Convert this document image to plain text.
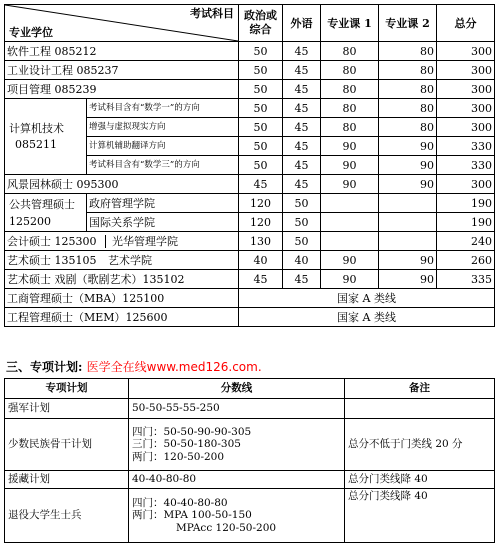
考试科目
专业学位		政治或综合	外语	专业课 1	专业课 2	总分
软件工程 085212		50	45	80	80	300
工业设计工程 085237		50	45	80	80	300
项目管理 085239		50	45	80	80	300

计算机技术
085211	考试科目含有“数学一”的方向	50	45	80	80	300
	增强与虚拟现实方向	50	45	80	80	300
	计算机辅助翻译方向	50	45	90	90	330
	考试科目含有“数学三”的方向	50	45	90	90	330
风景园林硕士 095300		45	45	90	90	300

公共管理硕士
125200	政府管理学院	120	50			190
	国际关系学院	120	50			190
会计硕士 125300 光华管理学院		130	50			240
艺术硕士 135105 艺术学院		40	40	90	90	260
艺术硕士 戏剧（歌剧艺术）135102		45	45	90	90	335
工商管理硕士（MBA）125100		国家 A 类线				
工程管理硕士（MEM）125600		国家 A 类线				
三、专项计划: 医学全在线www.med126.com.
专项计划	分数线	备注
强军计划	50-50-55-55-250	
少数民族骨干计划	四门：50-50-90-90-305
三门：50-50-180-305
两门：120-50-200	总分不低于门类线 20 分
援藏计划	40-40-80-80	总分门类线降 40
退役大学生士兵	四门：40-40-80-80
两门：MPA 100-50-150
MPAcc 120-50-200	总分门类线降 40
